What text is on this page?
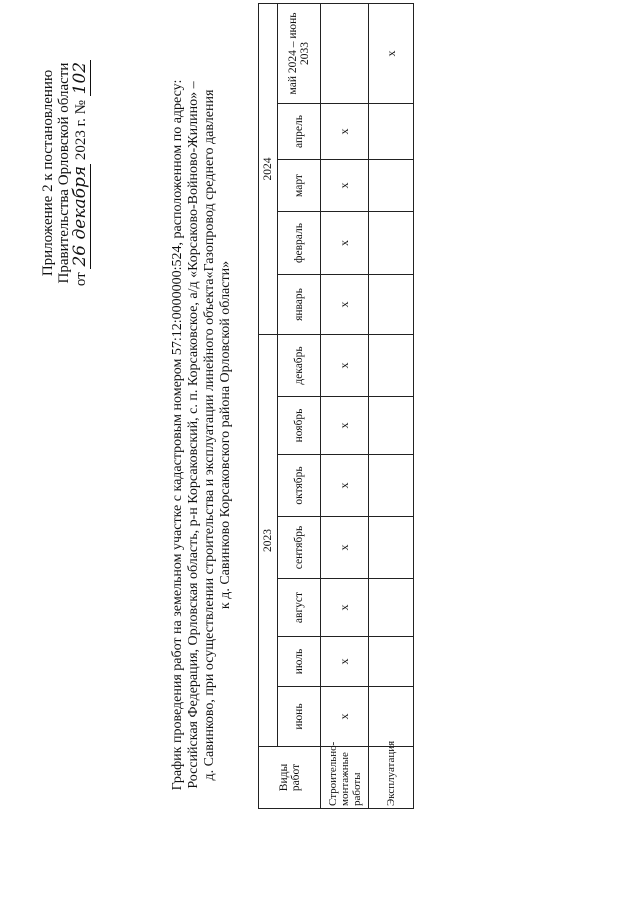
Приложение 2 к постановлению Правительства Орловской области от 26 декабря 2023 г. № 102
График проведения работ на земельном участке с кадастровым номером 57:12:0000000:524, расположенном по адресу: Российская Федерация, Орловская область, р-н Корсаковский, с. п. Корсаковское, а/д «Корсаково-Войново-Жилино» – д. Савинково, при осуществлении строительства и эксплуатации линейного объекта«Газопровод среднего давления к д. Савинково Корсаковского района Орловской области»
Виды работ	2023							2024				
	июнь	июль	август	сентябрь	октябрь	ноябрь	декабрь	январь	февраль	март	апрель	май 2024 – июнь 2033
Строительно-монтажные работы	x	x	x	x	x	x	x	x	x	x	x	
Эксплуатация												x
